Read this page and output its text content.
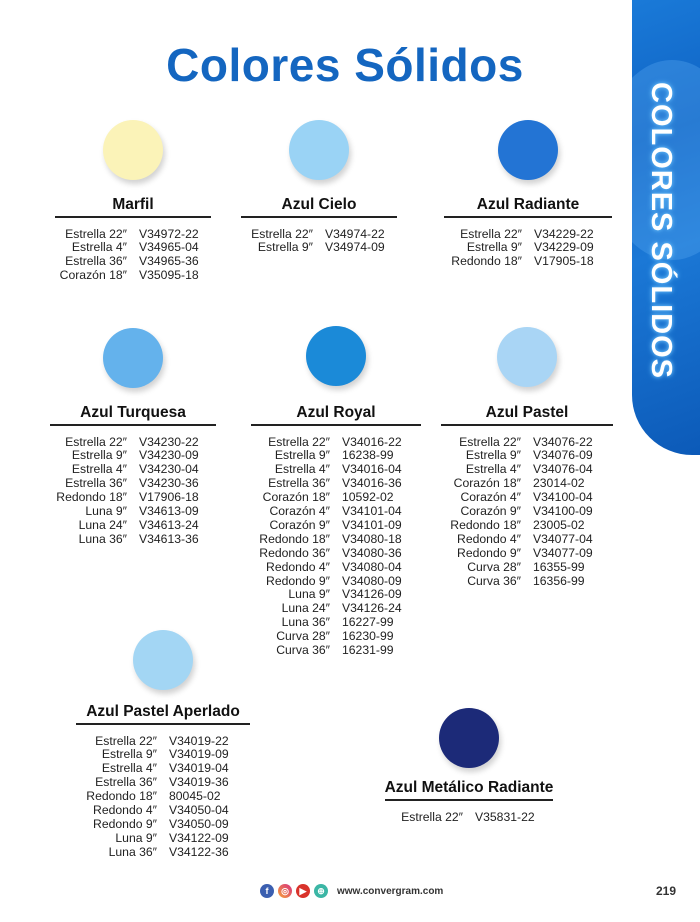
COLORES SÓLIDOS
Colores Sólidos
Marfil
Estrella 22″ V34972-22
Estrella 4″ V34965-04
Estrella 36″ V34965-36
Corazón 18″ V35095-18
Azul Cielo
Estrella 22″ V34974-22
Estrella 9″ V34974-09
Azul Radiante
Estrella 22″ V34229-22
Estrella 9″ V34229-09
Redondo 18″ V17905-18
Azul Turquesa
Estrella 22″ V34230-22
Estrella 9″ V34230-09
Estrella 4″ V34230-04
Estrella 36″ V34230-36
Redondo 18″ V17906-18
Luna 9″ V34613-09
Luna 24″ V34613-24
Luna 36″ V34613-36
Azul Royal
Estrella 22″ V34016-22
Estrella 9″ 16238-99
Estrella 4″ V34016-04
Estrella 36″ V34016-36
Corazón 18″ 10592-02
Corazón 4″ V34101-04
Corazón 9″ V34101-09
Redondo 18″ V34080-18
Redondo 36″ V34080-36
Redondo 4″ V34080-04
Redondo 9″ V34080-09
Luna 9″ V34126-09
Luna 24″ V34126-24
Luna 36″ 16227-99
Curva 28″ 16230-99
Curva 36″ 16231-99
Azul Pastel
Estrella 22″ V34076-22
Estrella 9″ V34076-09
Estrella 4″ V34076-04
Corazón 18″ 23014-02
Corazón 4″ V34100-04
Corazón 9″ V34100-09
Redondo 18″ 23005-02
Redondo 4″ V34077-04
Redondo 9″ V34077-09
Curva 28″ 16355-99
Curva 36″ 16356-99
Azul Pastel Aperlado
Estrella 22″ V34019-22
Estrella 9″ V34019-09
Estrella 4″ V34019-04
Estrella 36″ V34019-36
Redondo 18″ 80045-02
Redondo 4″ V34050-04
Redondo 9″ V34050-09
Luna 9″ V34122-09
Luna 36″ V34122-36
Azul Metálico Radiante
Estrella 22″ V35831-22
f	◎	▶	⊕	www.convergram.com	219
